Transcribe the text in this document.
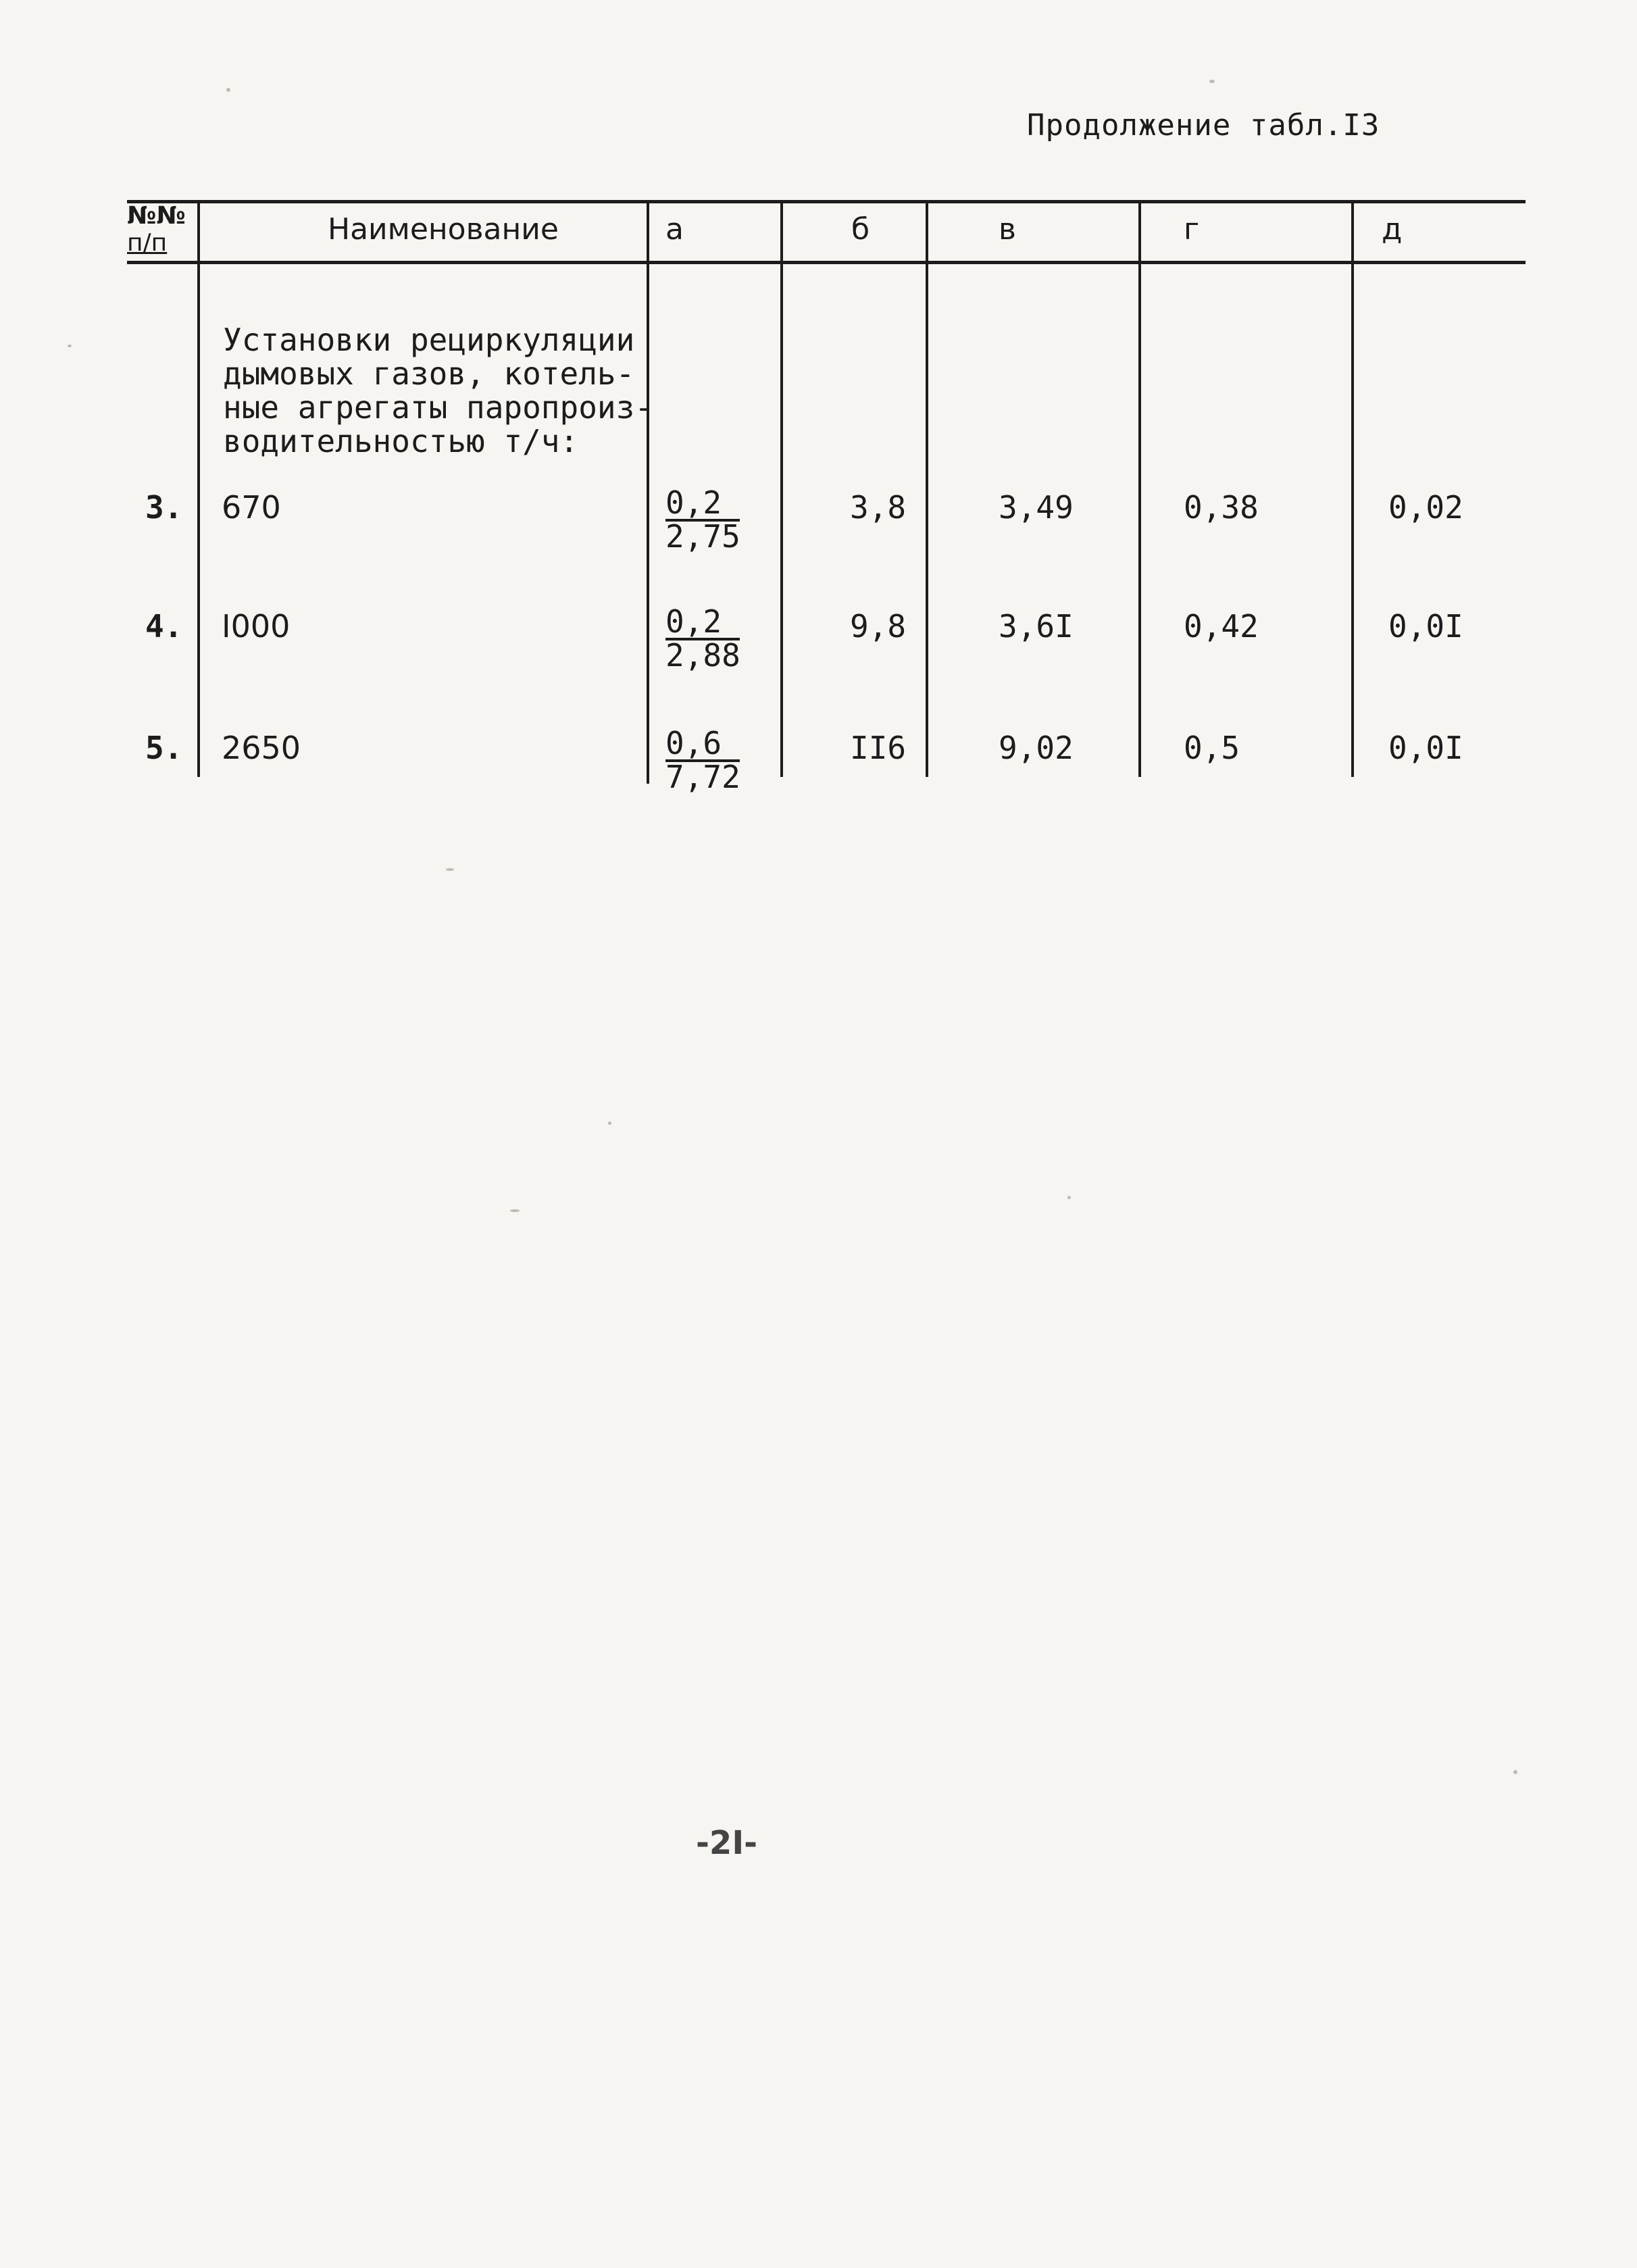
Продолжение табл.I3
№№
п/п	Наименование	а	б	в	г	д
Установки рециркуляции
дымовых газов, котель-
ные агрегаты паропроиз-
водительностью т/ч:
3. 670	$\frac{0,2}{2,75}$	3,8	3,49	0,38	0,02
4. I000	$\frac{0,2}{2,88}$	9,8	3,6I	0,42	0,0I
5. 2650	$\frac{0,6}{7,72}$	II6	9,02	0,5	0,0I
-2I-
